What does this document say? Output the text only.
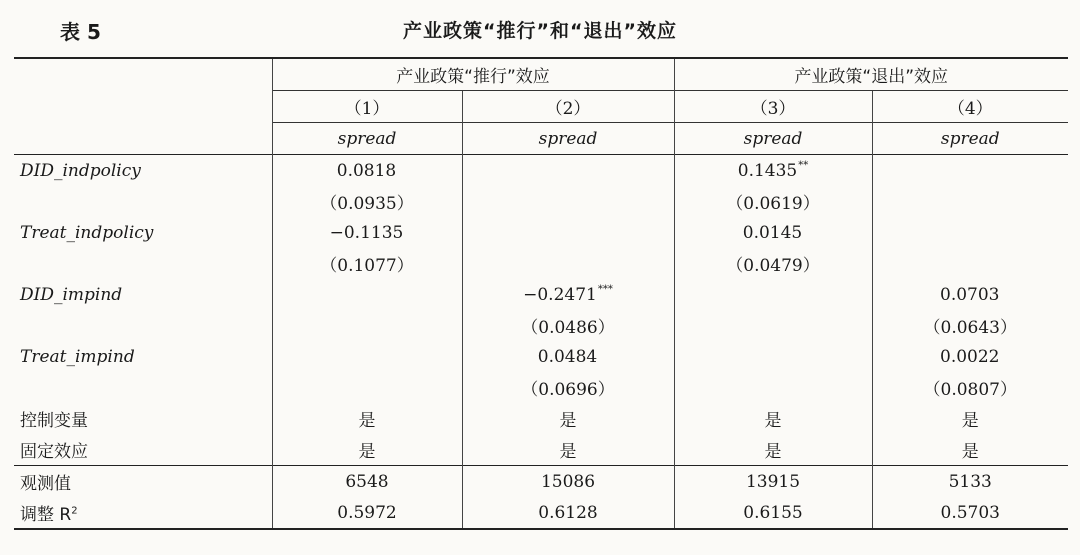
表 5	产业政策“推行”和“退出”效应
	产业政策“推行”效应		产业政策“退出”效应	
	（1）	（2）	（3）	（4）
	spread	spread	spread	spread
DID_indpolicy	0.0818		0.1435**	
	（0.0935）		（0.0619）	
Treat_indpolicy	−0.1135		0.0145	
	（0.1077）		（0.0479）	
DID_impind		−0.2471***		0.0703
		（0.0486）		（0.0643）
Treat_impind		0.0484		0.0022
		（0.0696）		（0.0807）
控制变量	是	是	是	是
固定效应	是	是	是	是
观测值	6548	15086	13915	5133
调整 $R^2$	0.5972	0.6128	0.6155	0.5703
